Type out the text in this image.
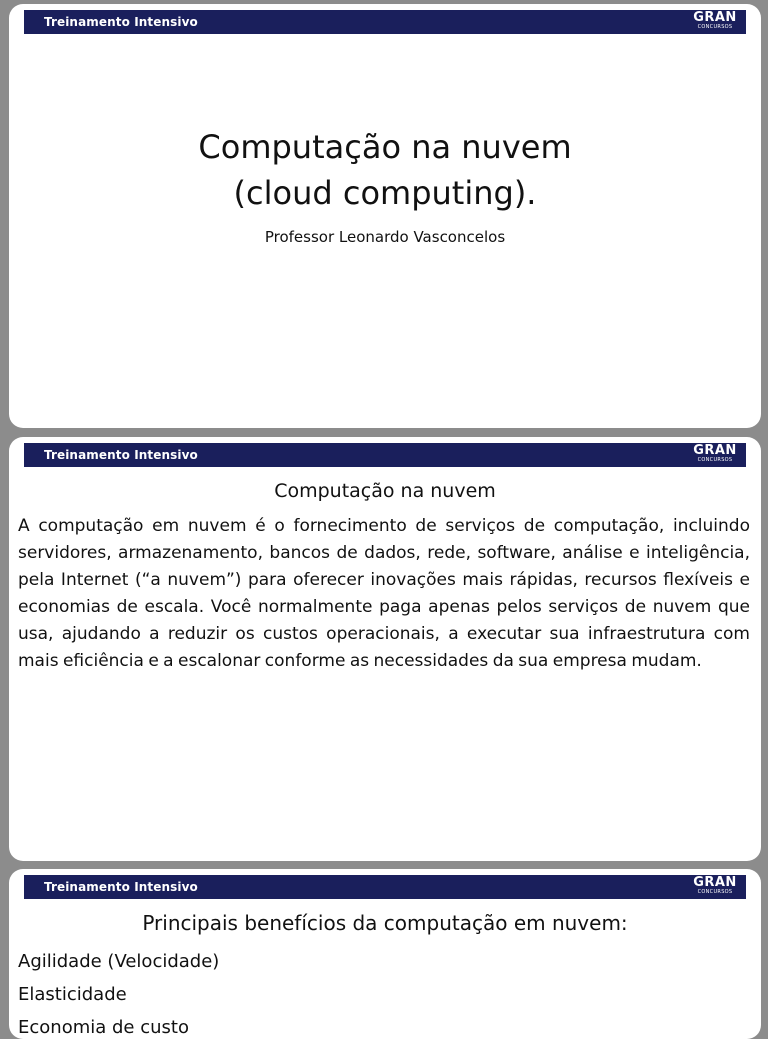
Treinamento Intensivo	GRAN
CONCURSOS
Computação na nuvem
(cloud computing).
Professor Leonardo Vasconcelos
Treinamento Intensivo	GRAN
CONCURSOS
Computação na nuvem
A computação em nuvem é o fornecimento de serviços de computação, incluindo servidores, armazenamento, bancos de dados, rede, software, análise e inteligência, pela Internet (“a nuvem”) para oferecer inovações mais rápidas, recursos flexíveis e economias de escala. Você normalmente paga apenas pelos serviços de nuvem que usa, ajudando a reduzir os custos operacionais, a executar sua infraestrutura com mais eficiência e a escalonar conforme as necessidades da sua empresa mudam.
Treinamento Intensivo	GRAN
CONCURSOS
Principais benefícios da computação em nuvem:
Agilidade (Velocidade)
Elasticidade
Economia de custo
